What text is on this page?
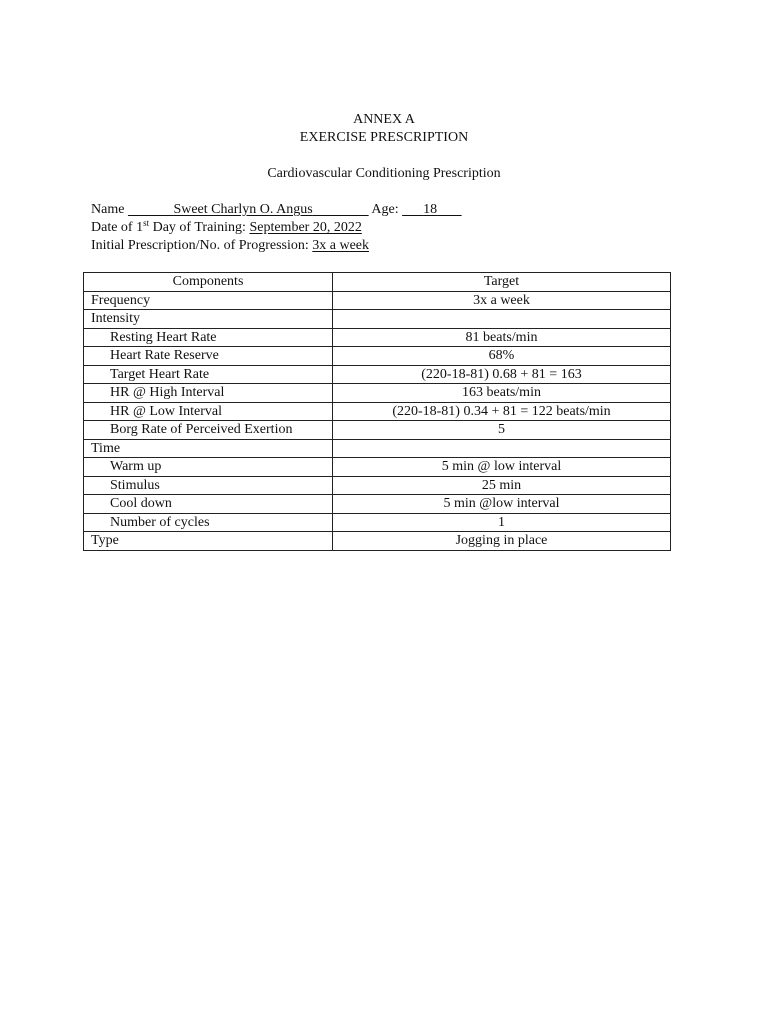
ANNEX A
EXERCISE PRESCRIPTION
Cardiovascular Conditioning Prescription
Name	Sweet Charlyn O. Angus	Age: 18
Date of 1st Day of Training: September 20, 2022
Initial Prescription/No. of Progression: 3x a week
Components	Target
Frequency	3x a week
Intensity	
Resting Heart Rate	81 beats/min
Heart Rate Reserve	68%
Target Heart Rate	(220-18-81) 0.68 + 81 = 163
HR @ High Interval	163 beats/min
HR @ Low Interval	(220-18-81) 0.34 + 81 = 122 beats/min
Borg Rate of Perceived Exertion	5
Time	
Warm up	5 min @ low interval
Stimulus	25 min
Cool down	5 min @low interval
Number of cycles	1
Type	Jogging in place
